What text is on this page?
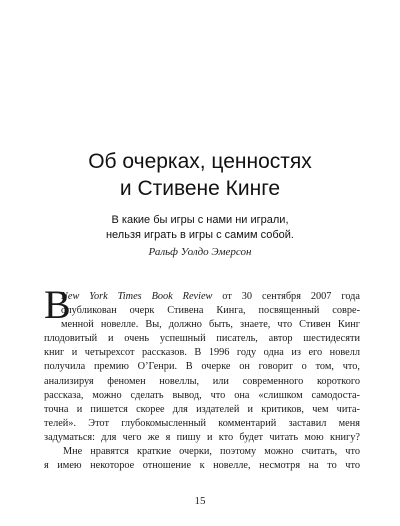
Об очерках, ценностях
и Стивене Кинге
В какие бы игры с нами ни играли,
нельзя играть в игры с самим собой.
Ральф Уолдо Эмерсон
В
New York Times Book Review от 30 сентября 2007 года
опубликован очерк Стивена Кинга, посвященный совре-
менной новелле. Вы, должно быть, знаете, что Стивен Кинг
плодовитый и очень успешный писатель, автор шестидесяти
книг и четырехсот рассказов. В 1996 году одна из его новелл
получила премию О’Генри. В очерке он говорит о том, что,
анализируя феномен новеллы, или современного короткого
рассказа, можно сделать вывод, что она «слишком самодоста-
точна и пишется скорее для издателей и критиков, чем чита-
телей». Этот глубокомысленный комментарий заставил меня
задуматься: для чего же я пишу и кто будет читать мою книгу?
Мне нравятся краткие очерки, поэтому можно считать, что
я имею некоторое отношение к новелле, несмотря на то что
15
